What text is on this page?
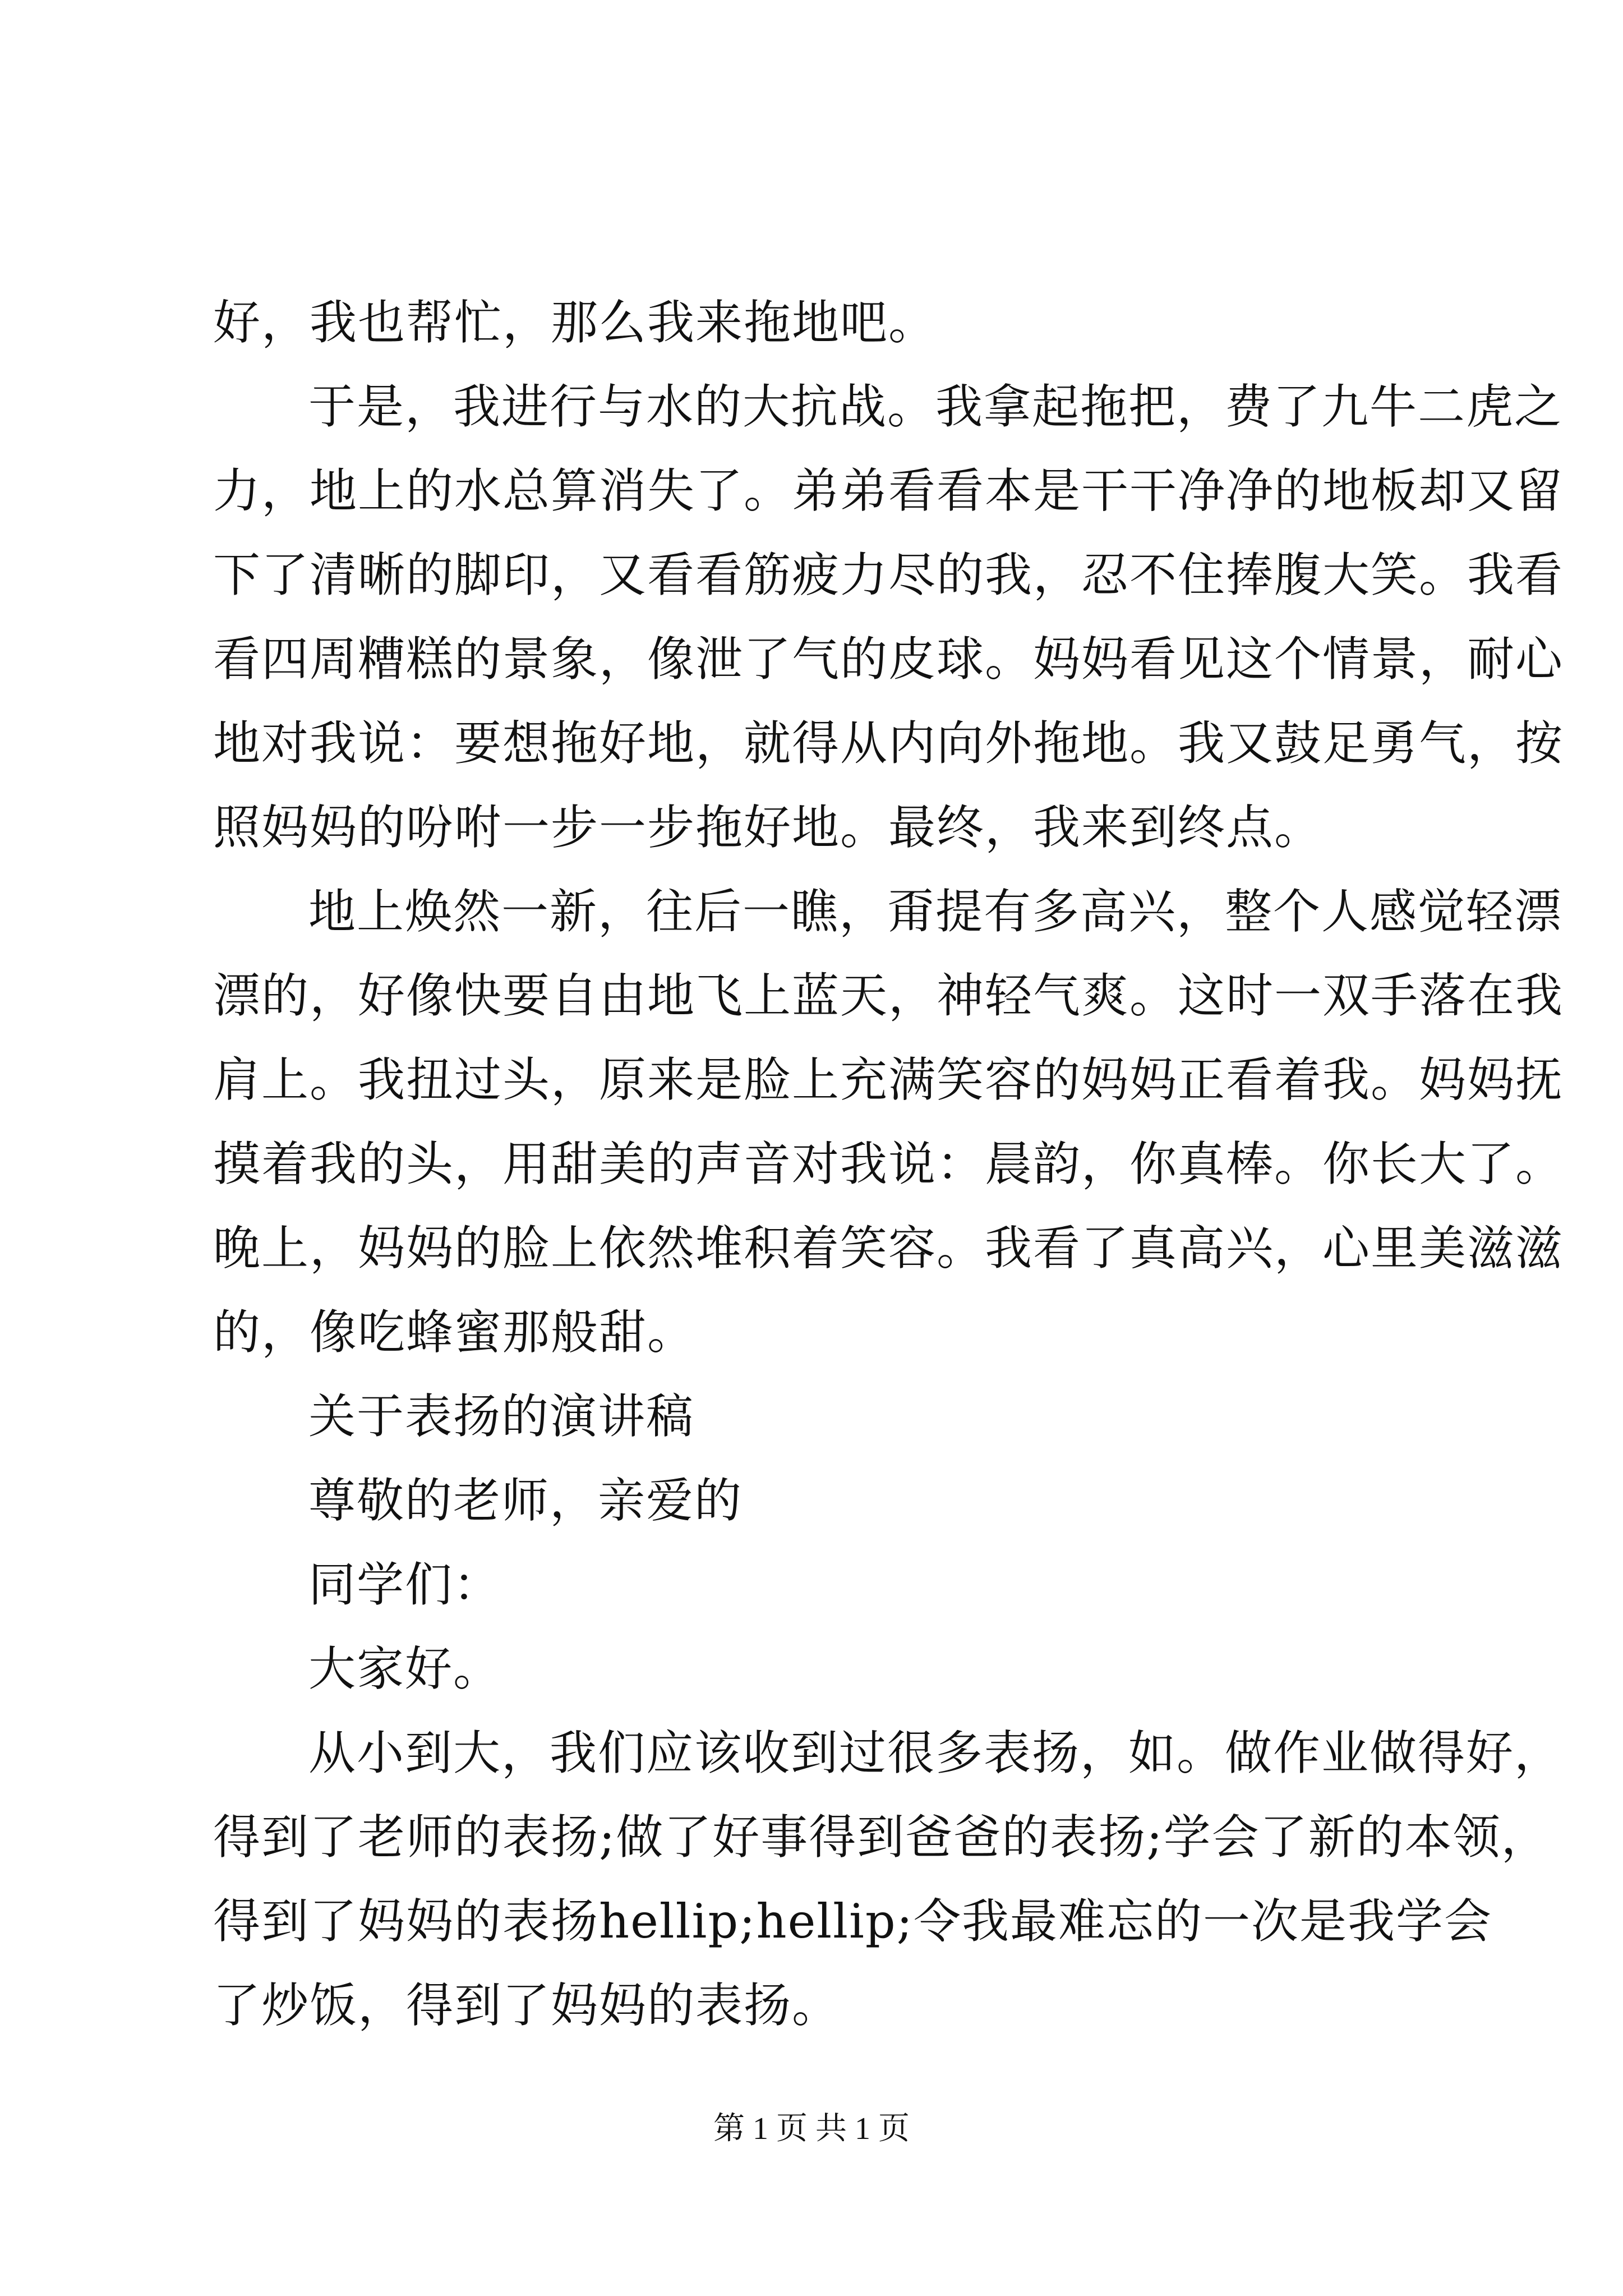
好，我也帮忙，那么我来拖地吧。
于是，我进行与水的大抗战。我拿起拖把，费了九牛二虎之
力，地上的水总算消失了。弟弟看看本是干干净净的地板却又留
下了清晰的脚印，又看看筋疲力尽的我，忍不住捧腹大笑。我看
看四周糟糕的景象，像泄了气的皮球。妈妈看见这个情景，耐心
地对我说：要想拖好地，就得从内向外拖地。我又鼓足勇气，按
照妈妈的吩咐一步一步拖好地。最终，我来到终点。
地上焕然一新，往后一瞧，甭提有多高兴，整个人感觉轻漂
漂的，好像快要自由地飞上蓝天，神轻气爽。这时一双手落在我
肩上。我扭过头，原来是脸上充满笑容的妈妈正看着我。妈妈抚
摸着我的头，用甜美的声音对我说：晨韵，你真棒。你长大了。
晚上，妈妈的脸上依然堆积着笑容。我看了真高兴，心里美滋滋
的，像吃蜂蜜那般甜。
关于表扬的演讲稿
尊敬的老师，亲爱的
同学们：
大家好。
从小到大，我们应该收到过很多表扬，如。做作业做得好，
得到了老师的表扬;做了好事得到爸爸的表扬;学会了新的本领，
得到了妈妈的表扬hellip;hellip;令我最难忘的一次是我学会
了炒饭，得到了妈妈的表扬。
第 1 页 共 1 页
